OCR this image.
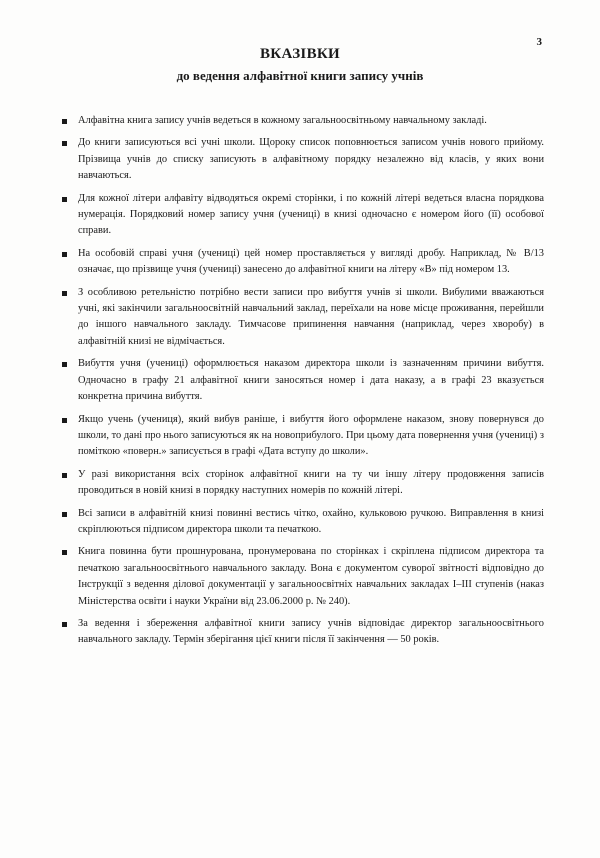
3
ВКАЗІВКИ
до ведення алфавітної книги запису учнів
Алфавітна книга запису учнів ведеться в кожному загальноосвітньому навчальному закладі.
До книги записуються всі учні школи. Щороку список поповнюється записом учнів нового прийому. Прізвища учнів до списку записують в алфавітному порядку незалежно від класів, у яких вони навчаються.
Для кожної літери алфавіту відводяться окремі сторінки, і по кожній літері ведеться власна порядкова нумерація. Порядковий номер запису учня (учениці) в книзі одночасно є номером його (її) особової справи.
На особовій справі учня (учениці) цей номер проставляється у вигляді дробу. Наприклад, № В/13 означає, що прізвище учня (учениці) занесено до алфавітної книги на літеру «В» під номером 13.
З особливою ретельністю потрібно вести записи про вибуття учнів зі школи. Вибулими вважаються учні, які закінчили загальноосвітній навчальний заклад, переїхали на нове місце проживання, перейшли до іншого навчального закладу. Тимчасове припинення навчання (наприклад, через хворобу) в алфавітній книзі не відмічається.
Вибуття учня (учениці) оформлюється наказом директора школи із зазначенням причини вибуття. Одночасно в графу 21 алфавітної книги заносяться номер і дата наказу, а в графі 23 вказується конкретна причина вибуття.
Якщо учень (учениця), який вибув раніше, і вибуття його оформлене наказом, знову повернувся до школи, то дані про нього записуються як на новоприбулого. При цьому дата повернення учня (учениці) з помiткою «поверн.» записується в графі «Дата вступу до школи».
У разі використання всіх сторінок алфавітної книги на ту чи іншу літеру продовження записів проводиться в новій книзі в порядку наступних номерів по кожній літері.
Всі записи в алфавітній книзі повинні вестись чітко, охайно, кульковою ручкою. Виправлення в книзі скріплюються підписом директора школи та печаткою.
Книга повинна бути прошнурована, пронумерована по сторінках і скріплена підписом директора та печаткою загальноосвітнього навчального закладу. Вона є документом суворої звітності відповідно до Інструкції з ведення ділової документації у загальноосвітніх навчальних закладах I–III ступенів (наказ Міністерства освіти і науки України від 23.06.2000 р. № 240).
За ведення і збереження алфавітної книги запису учнів відповідає директор загальноосвітнього навчального закладу. Термін зберігання цієї книги після її закінчення — 50 років.
